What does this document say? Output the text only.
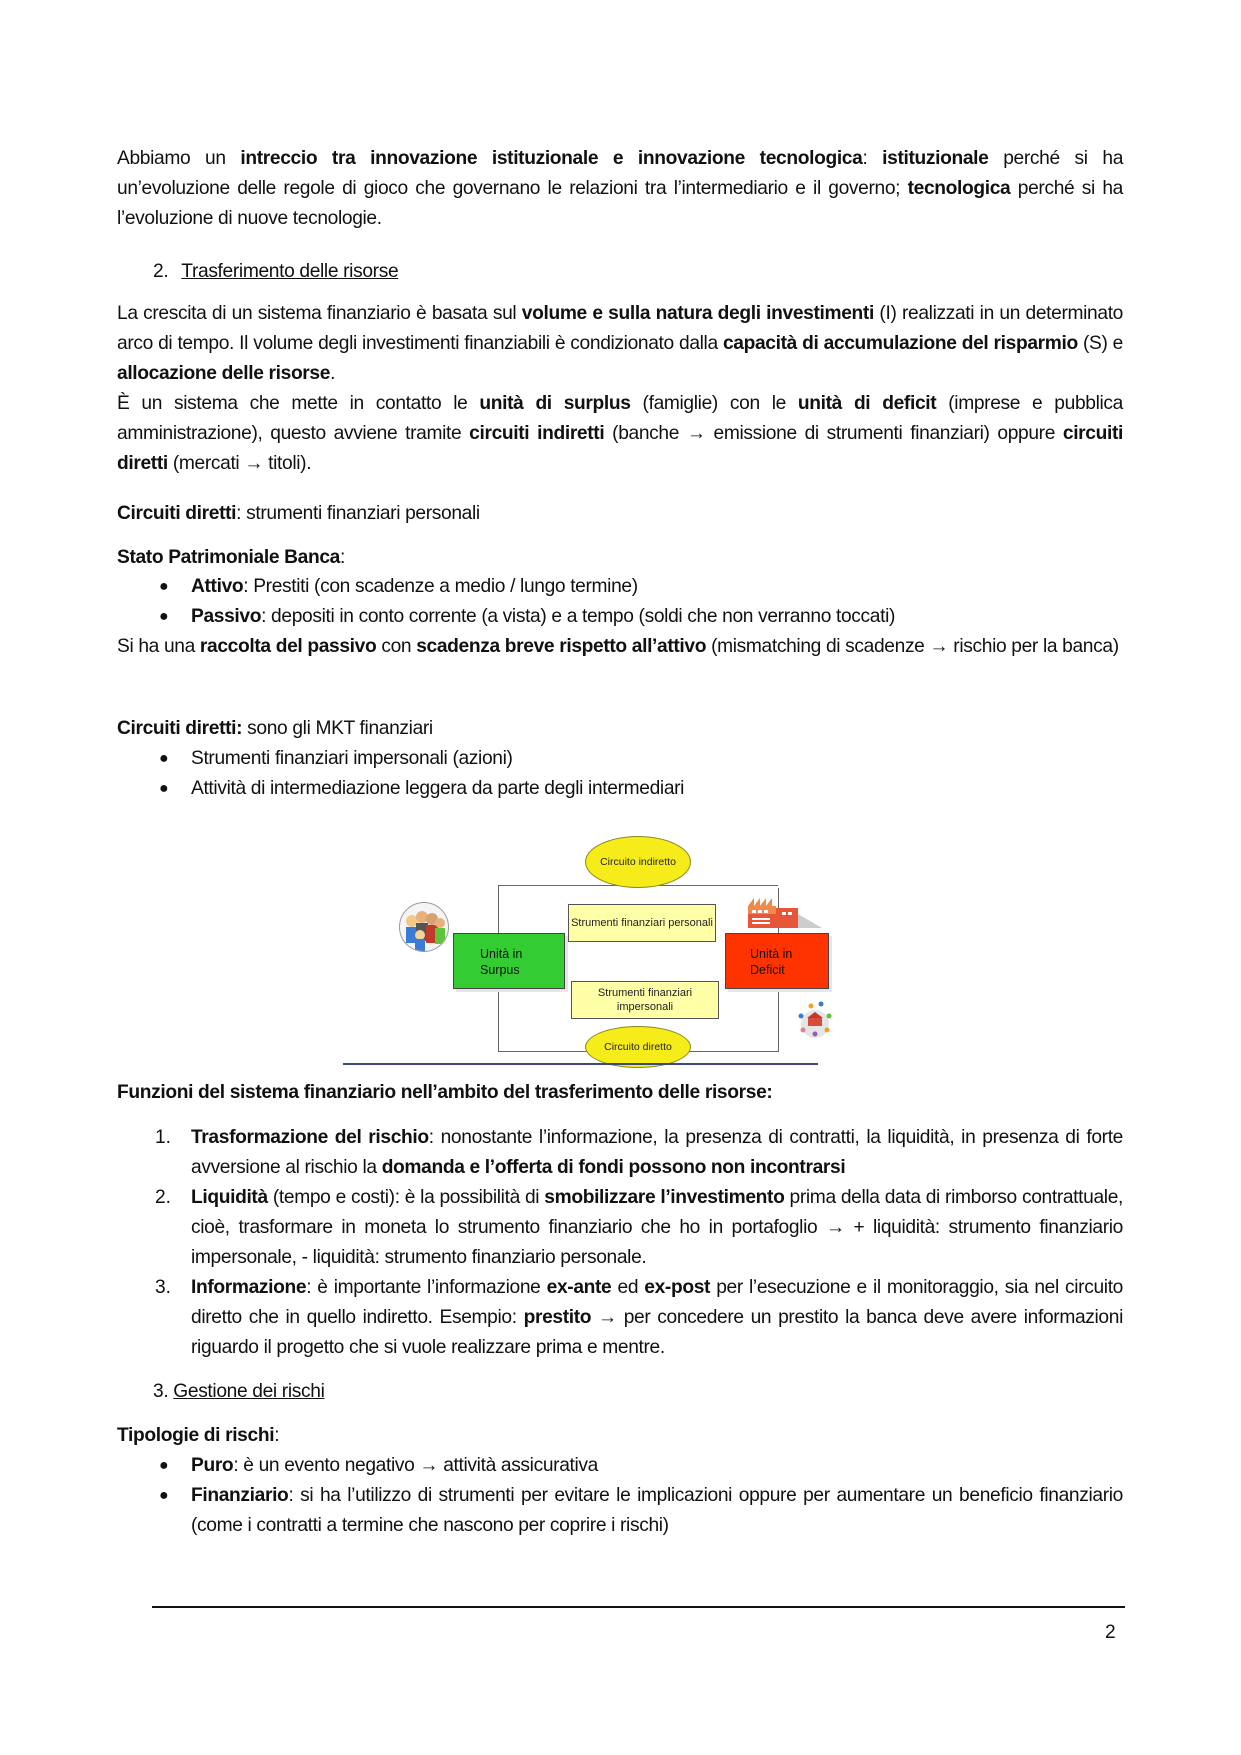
Abbiamo un intreccio tra innovazione istituzionale e innovazione tecnologica: istituzionale perché si ha un’evoluzione delle regole di gioco che governano le relazioni tra l’intermediario e il governo; tecnologica perché si ha l’evoluzione di nuove tecnologie.
2. Trasferimento delle risorse
La crescita di un sistema finanziario è basata sul volume e sulla natura degli investimenti (I) realizzati in un determinato arco di tempo. Il volume degli investimenti finanziabili è condizionato dalla capacità di accumulazione del risparmio (S) e allocazione delle risorse.
È un sistema che mette in contatto le unità di surplus (famiglie) con le unità di deficit (imprese e pubblica amministrazione), questo avviene tramite circuiti indiretti (banche → emissione di strumenti finanziari) oppure circuiti diretti (mercati → titoli).
Circuiti diretti: strumenti finanziari personali
Stato Patrimoniale Banca:
● Attivo: Prestiti (con scadenze a medio / lungo termine)
● Passivo: depositi in conto corrente (a vista) e a tempo (soldi che non verranno toccati)
Si ha una raccolta del passivo con scadenza breve rispetto all’attivo (mismatching di scadenze → rischio per la banca)
Circuiti diretti: sono gli MKT finanziari
● Strumenti finanziari impersonali (azioni)
● Attività di intermediazione leggera da parte degli intermediari
Funzioni del sistema finanziario nell’ambito del trasferimento delle risorse:
1. Trasformazione del rischio: nonostante l’informazione, la presenza di contratti, la liquidità, in presenza di forte avversione al rischio la domanda e l’offerta di fondi possono non incontrarsi
2. Liquidità (tempo e costi): è la possibilità di smobilizzare l’investimento prima della data di rimborso contrattuale, cioè, trasformare in moneta lo strumento finanziario che ho in portafoglio → + liquidità: strumento finanziario impersonale, - liquidità: strumento finanziario personale.
3. Informazione: è importante l’informazione ex-ante ed ex-post per l’esecuzione e il monitoraggio, sia nel circuito diretto che in quello indiretto. Esempio: prestito → per concedere un prestito la banca deve avere informazioni riguardo il progetto che si vuole realizzare prima e mentre.
3. Gestione dei rischi
Tipologie di rischi:
● Puro: è un evento negativo → attività assicurativa
● Finanziario: si ha l’utilizzo di strumenti per evitare le implicazioni oppure per aumentare un beneficio finanziario (come i contratti a termine che nascono per coprire i rischi)
Circuito indiretto
Circuito diretto
Strumenti finanziari personali
Strumenti finanziari impersonali
Unità in
Surpus
Unità in
Deficit
2
